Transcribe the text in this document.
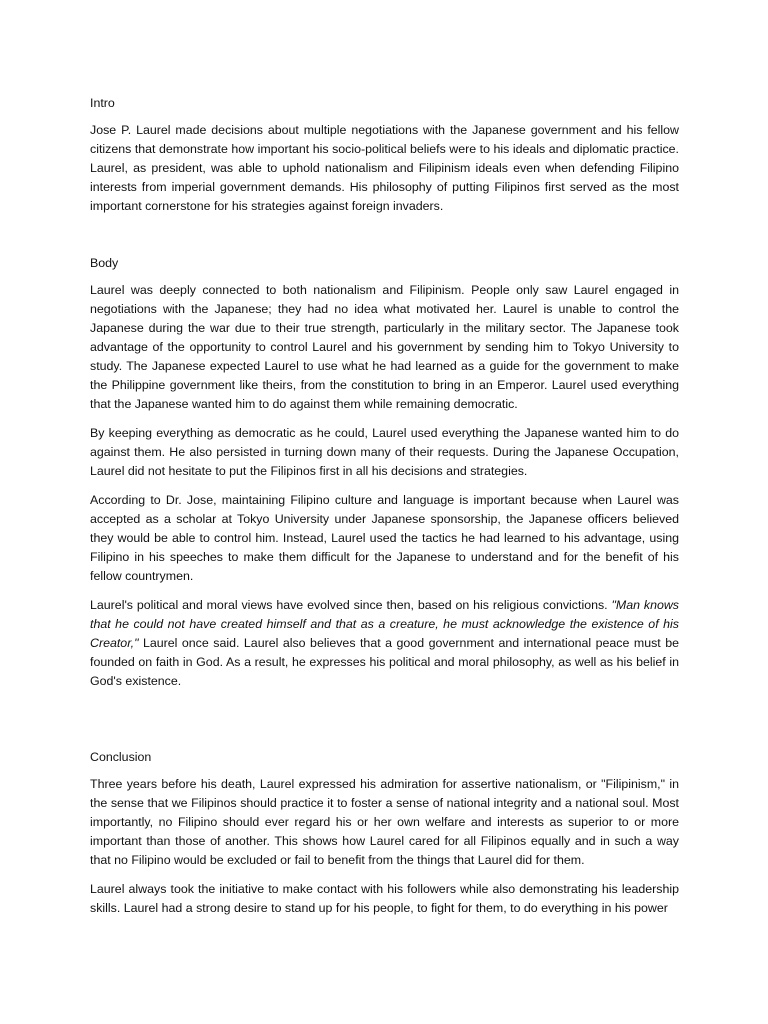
Intro

Jose P. Laurel made decisions about multiple negotiations with the Japanese government and his fellow citizens that demonstrate how important his socio-political beliefs were to his ideals and diplomatic practice. Laurel, as president, was able to uphold nationalism and Filipinism ideals even when defending Filipino interests from imperial government demands. His philosophy of putting Filipinos first served as the most important cornerstone for his strategies against foreign invaders.

Body

Laurel was deeply connected to both nationalism and Filipinism. People only saw Laurel engaged in negotiations with the Japanese; they had no idea what motivated her. Laurel is unable to control the Japanese during the war due to their true strength, particularly in the military sector. The Japanese took advantage of the opportunity to control Laurel and his government by sending him to Tokyo University to study. The Japanese expected Laurel to use what he had learned as a guide for the government to make the Philippine government like theirs, from the constitution to bring in an Emperor. Laurel used everything that the Japanese wanted him to do against them while remaining democratic.

By keeping everything as democratic as he could, Laurel used everything the Japanese wanted him to do against them. He also persisted in turning down many of their requests. During the Japanese Occupation, Laurel did not hesitate to put the Filipinos first in all his decisions and strategies.

According to Dr. Jose, maintaining Filipino culture and language is important because when Laurel was accepted as a scholar at Tokyo University under Japanese sponsorship, the Japanese officers believed they would be able to control him. Instead, Laurel used the tactics he had learned to his advantage, using Filipino in his speeches to make them difficult for the Japanese to understand and for the benefit of his fellow countrymen.

Laurel's political and moral views have evolved since then, based on his religious convictions. "Man knows that he could not have created himself and that as a creature, he must acknowledge the existence of his Creator," Laurel once said. Laurel also believes that a good government and international peace must be founded on faith in God. As a result, he expresses his political and moral philosophy, as well as his belief in God's existence.

Conclusion

Three years before his death, Laurel expressed his admiration for assertive nationalism, or "Filipinism," in the sense that we Filipinos should practice it to foster a sense of national integrity and a national soul. Most importantly, no Filipino should ever regard his or her own welfare and interests as superior to or more important than those of another. This shows how Laurel cared for all Filipinos equally and in such a way that no Filipino would be excluded or fail to benefit from the things that Laurel did for them.

Laurel always took the initiative to make contact with his followers while also demonstrating his leadership skills. Laurel had a strong desire to stand up for his people, to fight for them, to do everything in his power
